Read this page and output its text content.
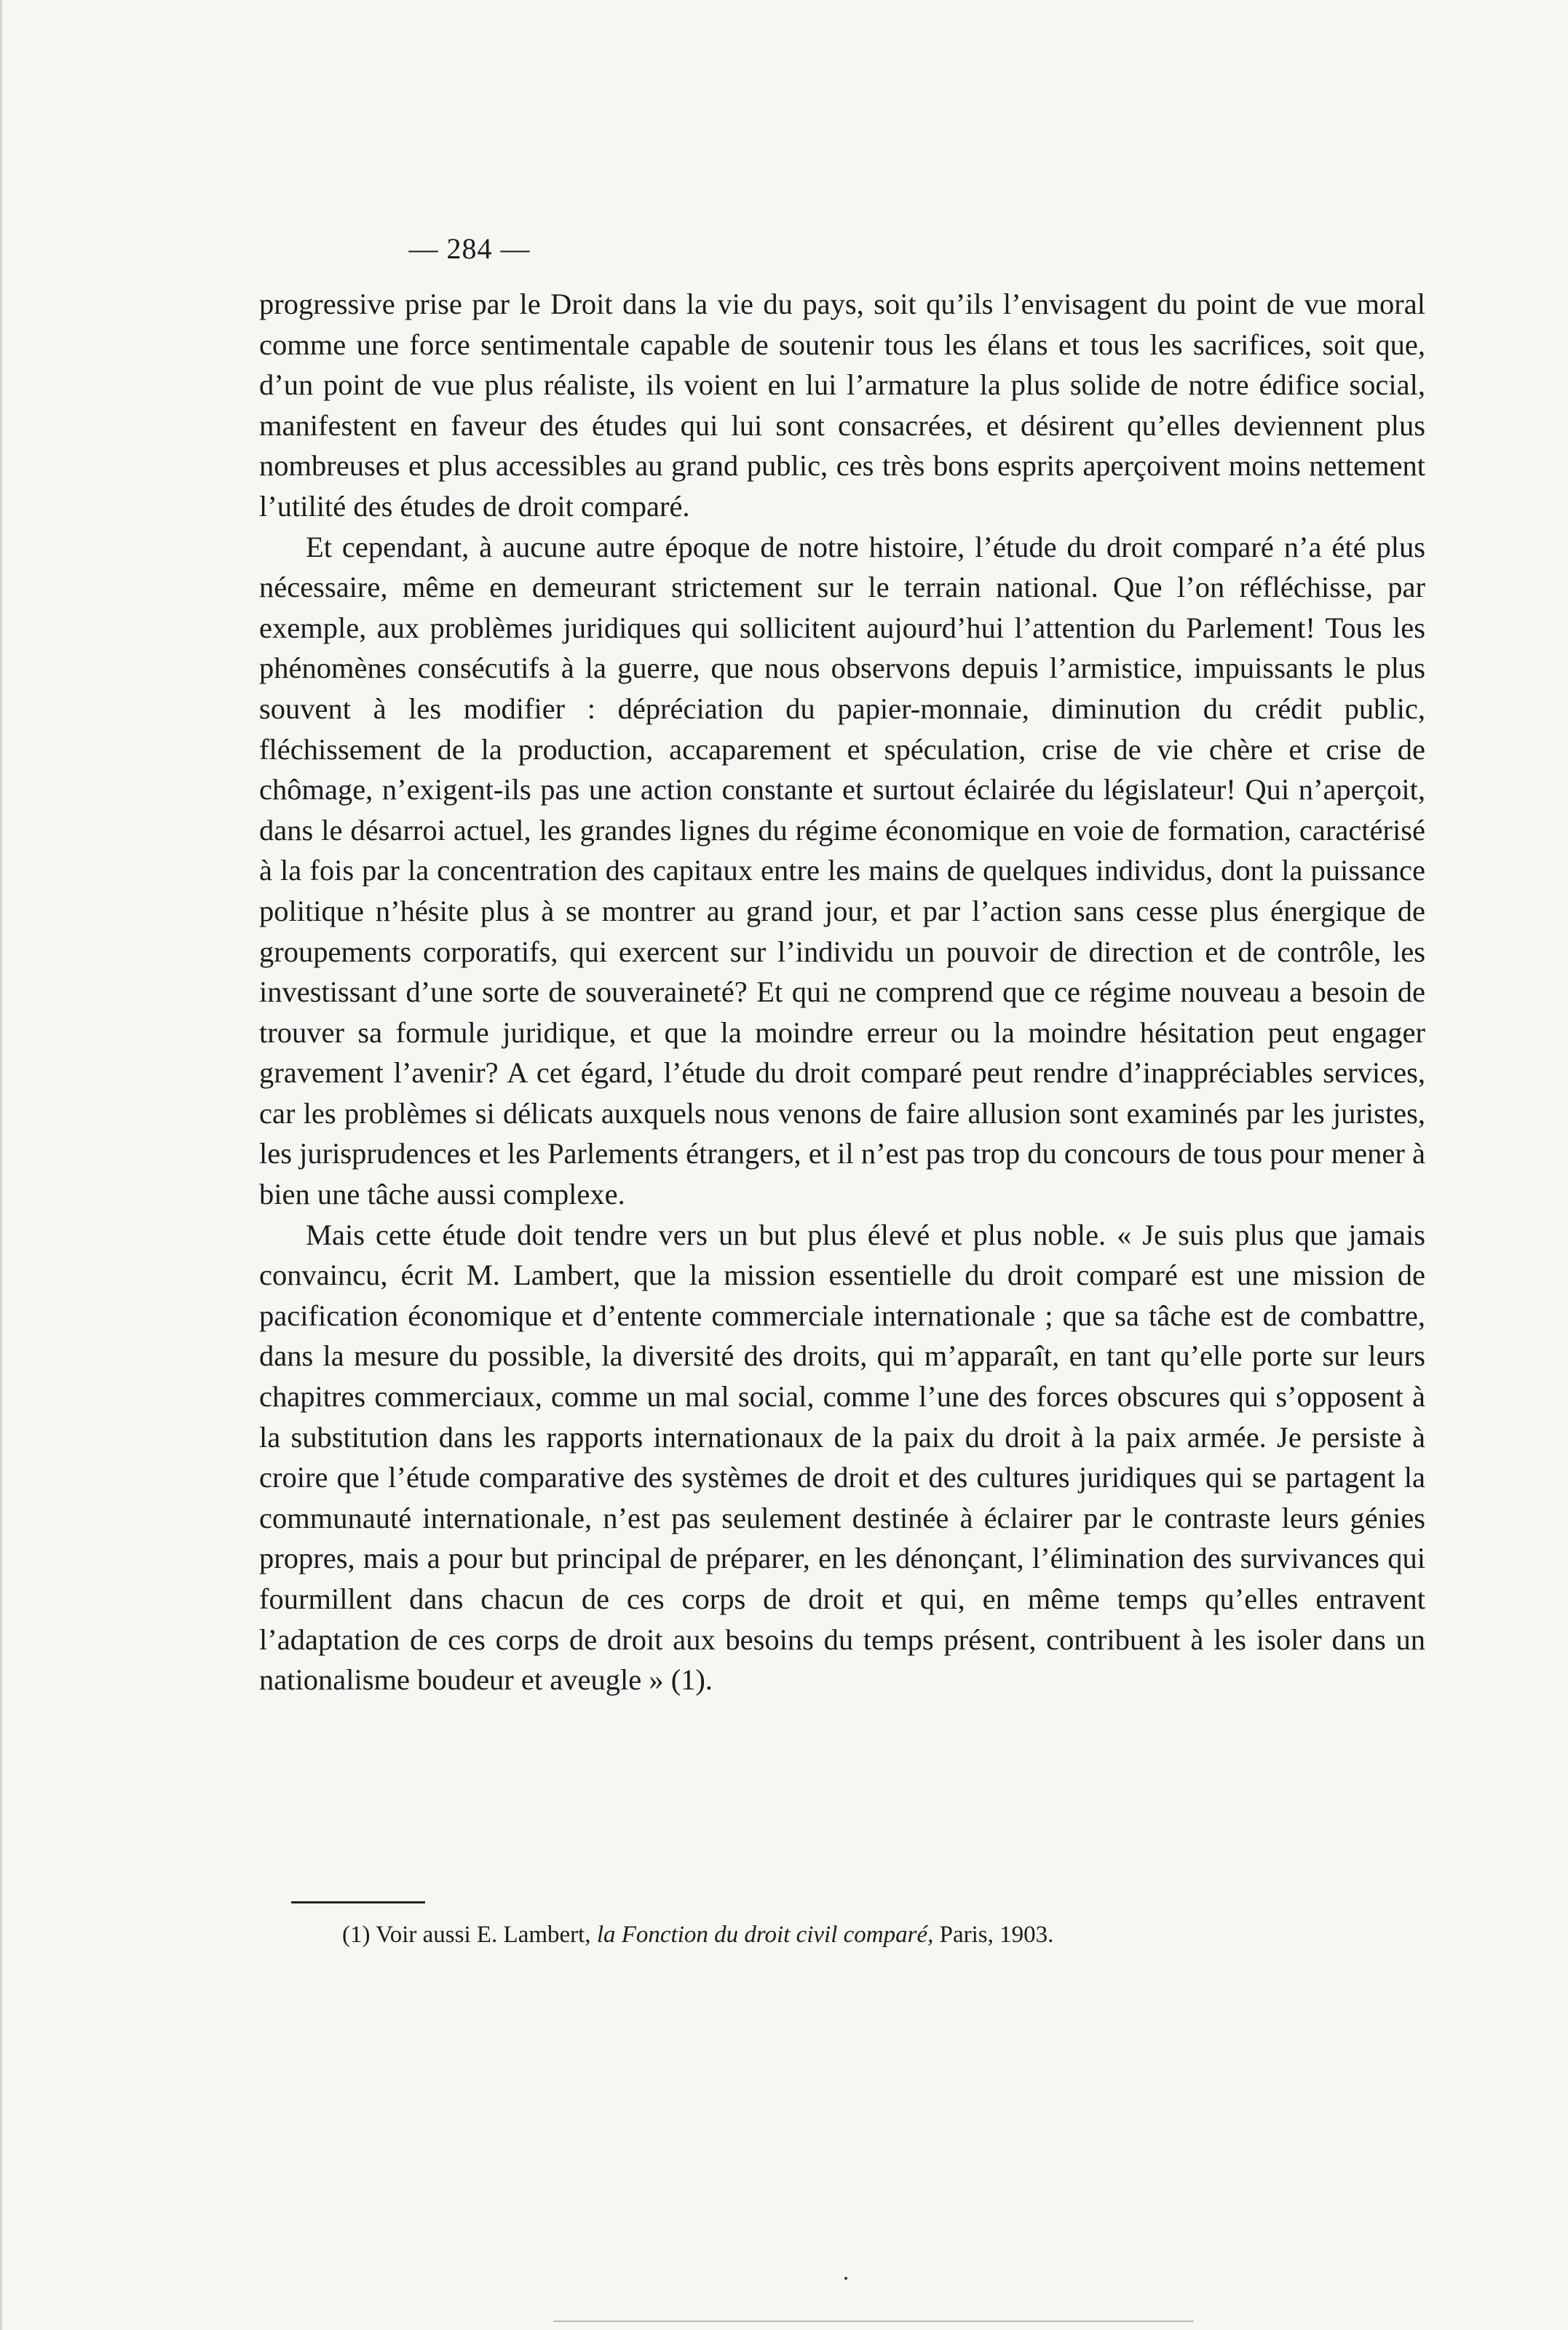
— 284 —

progressive prise par le Droit dans la vie du pays, soit qu’ils l’envisagent du point de vue moral comme une force sentimentale capable de soutenir tous les élans et tous les sacrifices, soit que, d’un point de vue plus réaliste, ils voient en lui l’armature la plus solide de notre édifice social, manifestent en faveur des études qui lui sont consacrées, et désirent qu’elles deviennent plus nombreuses et plus accessibles au grand public, ces très bons esprits aperçoivent moins nettement l’utilité des études de droit comparé.

Et cependant, à aucune autre époque de notre histoire, l’étude du droit comparé n’a été plus nécessaire, même en demeurant strictement sur le terrain national. Que l’on réfléchisse, par exemple, aux problèmes juridiques qui sollicitent aujourd’hui l’attention du Parlement! Tous les phénomènes consécutifs à la guerre, que nous observons depuis l’armistice, impuissants le plus souvent à les modifier : dépréciation du papier-monnaie, diminution du crédit public, fléchissement de la production, accaparement et spéculation, crise de vie chère et crise de chômage, n’exigent-ils pas une action constante et surtout éclairée du législateur! Qui n’aperçoit, dans le désarroi actuel, les grandes lignes du régime économique en voie de formation, caractérisé à la fois par la concentration des capitaux entre les mains de quelques individus, dont la puissance politique n’hésite plus à se montrer au grand jour, et par l’action sans cesse plus énergique de groupements corporatifs, qui exercent sur l’individu un pouvoir de direction et de contrôle, les investissant d’une sorte de souveraineté? Et qui ne comprend que ce régime nouveau a besoin de trouver sa formule juridique, et que la moindre erreur ou la moindre hésitation peut engager gravement l’avenir? A cet égard, l’étude du droit comparé peut rendre d’inappréciables services, car les problèmes si délicats auxquels nous venons de faire allusion sont examinés par les juristes, les jurisprudences et les Parlements étrangers, et il n’est pas trop du concours de tous pour mener à bien une tâche aussi complexe.

Mais cette étude doit tendre vers un but plus élevé et plus noble. « Je suis plus que jamais convaincu, écrit M. Lambert, que la mission essentielle du droit comparé est une mission de pacification économique et d’entente commerciale internationale ; que sa tâche est de combattre, dans la mesure du possible, la diversité des droits, qui m’apparaît, en tant qu’elle porte sur leurs chapitres commerciaux, comme un mal social, comme l’une des forces obscures qui s’opposent à la substitution dans les rapports internationaux de la paix du droit à la paix armée. Je persiste à croire que l’étude comparative des systèmes de droit et des cultures juridiques qui se partagent la communauté internationale, n’est pas seulement destinée à éclairer par le contraste leurs génies propres, mais a pour but principal de préparer, en les dénonçant, l’élimination des survivances qui fourmillent dans chacun de ces corps de droit et qui, en même temps qu’elles entravent l’adaptation de ces corps de droit aux besoins du temps présent, contribuent à les isoler dans un nationalisme boudeur et aveugle » (1).

(1) Voir aussi E. Lambert, la Fonction du droit civil comparé, Paris, 1903.
